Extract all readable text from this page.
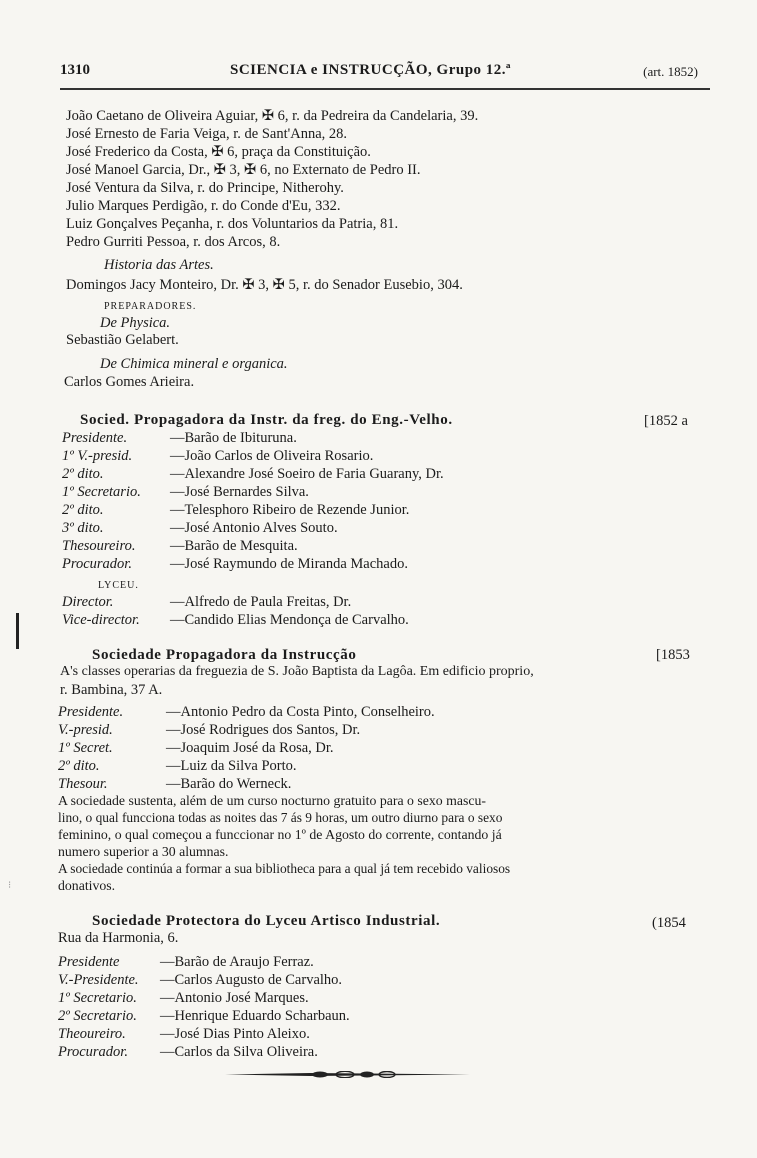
1310	SCIENCIA e INSTRUCÇÃO, Grupo 12.ª	(art. 1852)
João Caetano de Oliveira Aguiar, ✠ 6, r. da Pedreira da Candelaria, 39.
José Ernesto de Faria Veiga, r. de Sant'Anna, 28.
José Frederico da Costa, ✠ 6, praça da Constituição.
José Manoel Garcia, Dr., ✠ 3, ✠ 6, no Externato de Pedro II.
José Ventura da Silva, r. do Principe, Nitherohy.
Julio Marques Perdigão, r. do Conde d'Eu, 332.
Luiz Gonçalves Peçanha, r. dos Voluntarios da Patria, 81.
Pedro Gurriti Pessoa, r. dos Arcos, 8.
Historia das Artes.
Domingos Jacy Monteiro, Dr. ✠ 3, ✠ 5, r. do Senador Eusebio, 304.
PREPARADORES.
De Physica.
Sebastião Gelabert.
De Chimica mineral e organica.
Carlos Gomes Arieira.
Socied. Propagadora da Instr. da freg. do Eng.-Velho.	[1852 a
Presidente.	—Barão de Ibituruna.
1º V.-presid.	—João Carlos de Oliveira Rosario.
2º dito.	—Alexandre José Soeiro de Faria Guarany, Dr.
1º Secretario. —José Bernardes Silva.
2º dito.	—Telesphoro Ribeiro de Rezende Junior.
3º dito.	—José Antonio Alves Souto.
Thesoureiro. —Barão de Mesquita.
Procurador.	—José Raymundo de Miranda Machado.
LYCEU.
Director.	—Alfredo de Paula Freitas, Dr.
Vice-director. —Candido Elias Mendonça de Carvalho.
Sociedade Propagadora da Instrucção	[1853
A's classes operarias da freguezia de S. João Baptista da Lagôa. Em edificio proprio,
r. Bambina, 37 A.
Presidente.	—Antonio Pedro da Costa Pinto, Conselheiro.
V.-presid.	—José Rodrigues dos Santos, Dr.
1º Secret.	—Joaquim José da Rosa, Dr.
2º dito.	—Luiz da Silva Porto.
Thesour.	—Barão do Werneck.
A sociedade sustenta, além de um curso nocturno gratuito para o sexo mascu-
lino, o qual funcciona todas as noites das 7 ás 9 horas, um outro diurno para o sexo
feminino, o qual começou a funccionar no 1º de Agosto do corrente, contando já
numero superior a 30 alumnas.
A sociedade continúa a formar a sua bibliotheca para a qual já tem recebido valiosos
donativos.
Sociedade Protectora do Lyceu Artisco Industrial.	(1854
Rua da Harmonia, 6.
Presidente	—Barão de Araujo Ferraz.
V.-Presidente. —Carlos Augusto de Carvalho.
1º Secretario. —Antonio José Marques.
2º Secretario. —Henrique Eduardo Scharbaun.
Theoureiro. —José Dias Pinto Aleixo.
Procurador. —Carlos da Silva Oliveira.
⁝
